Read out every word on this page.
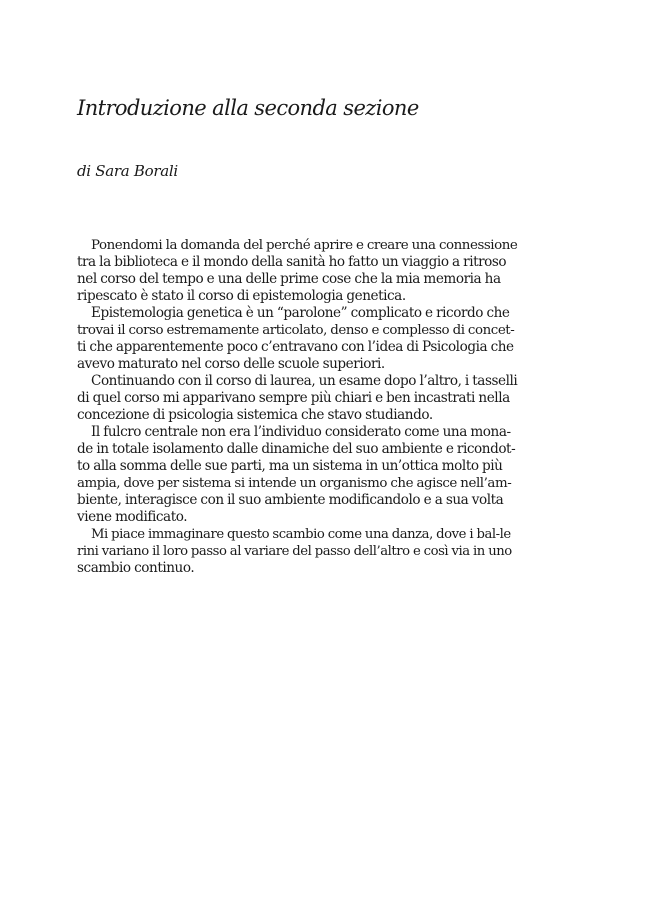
Introduzione alla seconda sezione

di Sara Borali

Ponendomi la domanda del perché aprire e creare una connessione
tra la biblioteca e il mondo della sanità ho fatto un viaggio a ritroso
nel corso del tempo e una delle prime cose che la mia memoria ha
ripescato è stato il corso di epistemologia genetica.

Epistemologia genetica è un “parolone” complicato e ricordo che
trovai il corso estremamente articolato, denso e complesso di concet-
ti che apparentemente poco c’entravano con l’idea di Psicologia che
avevo maturato nel corso delle scuole superiori.

Continuando con il corso di laurea, un esame dopo l’altro, i tasselli
di quel corso mi apparivano sempre più chiari e ben incastrati nella
concezione di psicologia sistemica che stavo studiando.

Il fulcro centrale non era l’individuo considerato come una mona-
de in totale isolamento dalle dinamiche del suo ambiente e ricondot-
to alla somma delle sue parti, ma un sistema in un’ottica molto più
ampia, dove per sistema si intende un organismo che agisce nell’am-
biente, interagisce con il suo ambiente modificandolo e a sua volta
viene modificato.

Mi piace immaginare questo scambio come una danza, dove i bal-le
rini variano il loro passo al variare del passo dell’altro e così via in uno
scambio continuo.
